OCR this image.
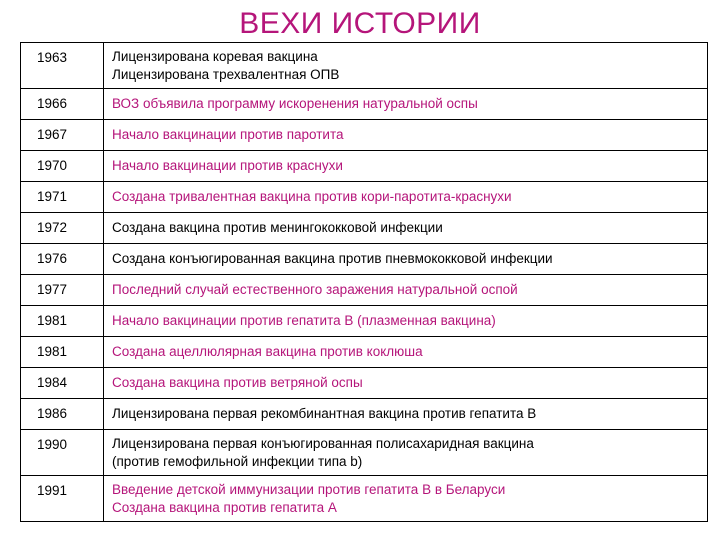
ВЕХИ ИСТОРИИ
1963	Лицензирована коревая вакцина
Лицензирована трехвалентная ОПВ

1966	ВОЗ объявила программу искоренения натуральной оспы

1967	Начало вакцинации против паротита

1970	Начало вакцинации против краснухи

1971	Создана тривалентная вакцина против кори-паротита-краснухи

1972	Создана вакцина против менингококковой инфекции

1976	Создана конъюгированная вакцина против пневмококковой инфекции

1977	Последний случай естественного заражения натуральной оспой

1981	Начало вакцинации против гепатита В (плазменная вакцина)

1981	Создана ацеллюлярная вакцина против коклюша

1984	Создана вакцина против ветряной оспы

1986	Лицензирована первая рекомбинантная вакцина против гепатита В

1990	Лицензирована первая конъюгированная полисахаридная вакцина
(против гемофильной инфекции типа b)

1991	Введение детской иммунизации против гепатита В в Беларуси
Создана вакцина против гепатита А
